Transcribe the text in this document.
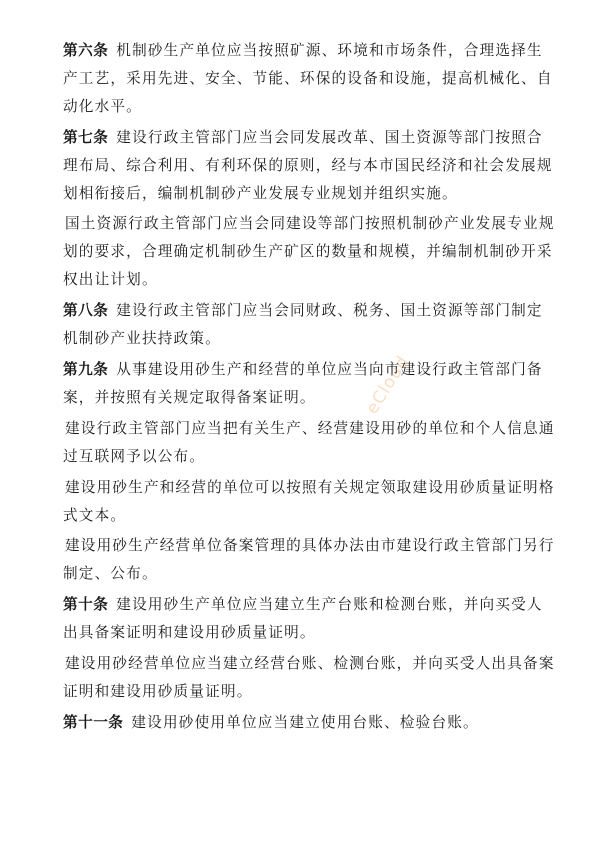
第六条 机制砂生产单位应当按照矿源、环境和市场条件，合理选择生产工艺，采用先进、安全、节能、环保的设备和设施，提高机械化、自动化水平。

第七条 建设行政主管部门应当会同发展改革、国土资源等部门按照合理布局、综合利用、有利环保的原则，经与本市国民经济和社会发展规划相衔接后，编制机制砂产业发展专业规划并组织实施。

国土资源行政主管部门应当会同建设等部门按照机制砂产业发展专业规划的要求，合理确定机制砂生产矿区的数量和规模，并编制机制砂开采权出让计划。

第八条 建设行政主管部门应当会同财政、税务、国土资源等部门制定机制砂产业扶持政策。

第九条 从事建设用砂生产和经营的单位应当向市建设行政主管部门备案，并按照有关规定取得备案证明。

建设行政主管部门应当把有关生产、经营建设用砂的单位和个人信息通过互联网予以公布。

建设用砂生产和经营的单位可以按照有关规定领取建设用砂质量证明格式文本。

建设用砂生产经营单位备案管理的具体办法由市建设行政主管部门另行制定、公布。

第十条 建设用砂生产单位应当建立生产台账和检测台账，并向买受人出具备案证明和建设用砂质量证明。

建设用砂经营单位应当建立经营台账、检测台账，并向买受人出具备案证明和建设用砂质量证明。

第十一条 建设用砂使用单位应当建立使用台账、检验台账。

eCloud
